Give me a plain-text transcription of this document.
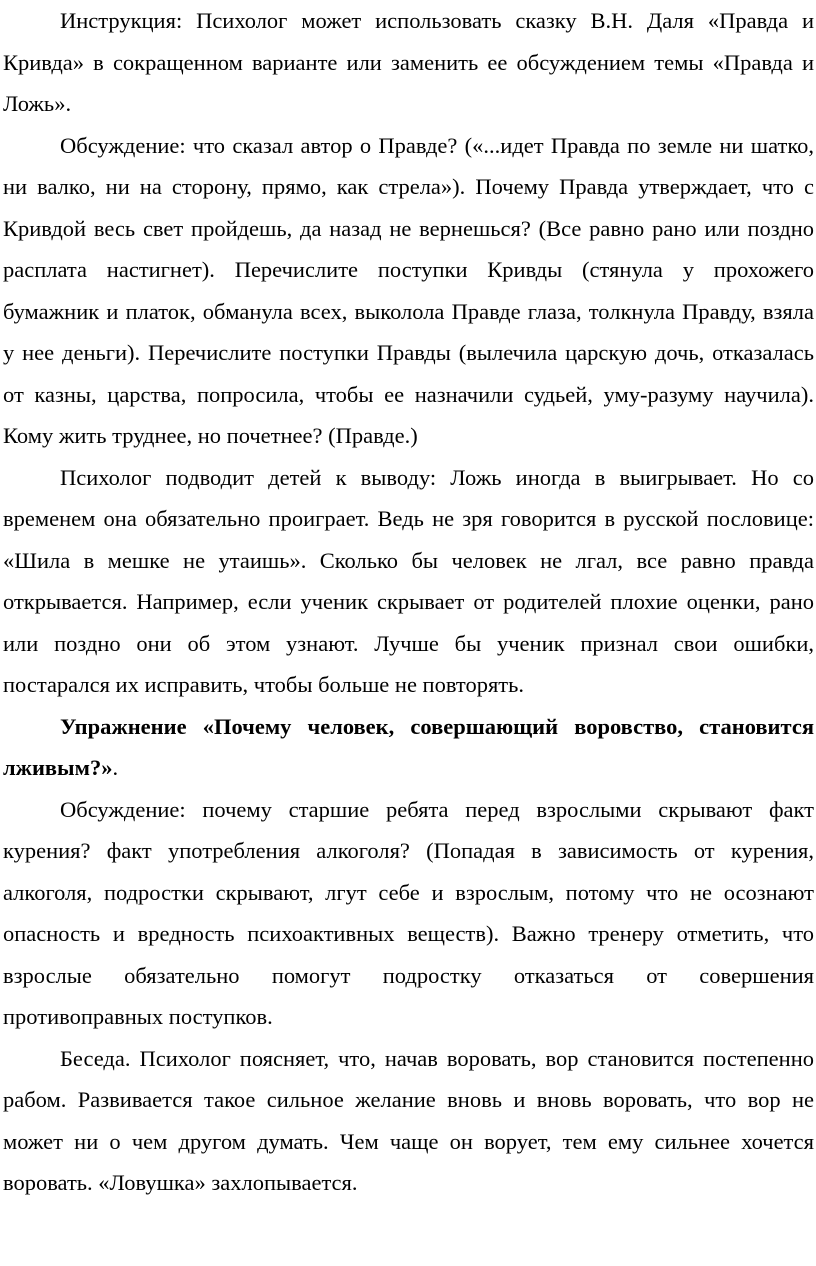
Инструкция: Психолог может использовать сказку В.Н. Даля «Правда и Кривда» в сокращенном варианте или заменить ее обсуждением темы «Правда и Ложь».

Обсуждение: что сказал автор о Правде? («...идет Правда по земле ни шатко, ни валко, ни на сторону, прямо, как стрела»). Почему Правда утверждает, что с Кривдой весь свет пройдешь, да назад не вернешься? (Все равно рано или поздно расплата настигнет). Перечислите поступки Кривды (стянула у прохожего бумажник и платок, обманула всех, выколола Правде глаза, толкнула Правду, взяла у нее деньги). Перечислите поступки Правды (вылечила царскую дочь, отказалась от казны, царства, попросила, чтобы ее назначили судьей, уму-разуму научила). Кому жить труднее, но почетнее? (Правде.)

Психолог подводит детей к выводу: Ложь иногда в выигрывает. Но со временем она обязательно проиграет. Ведь не зря говорится в русской пословице: «Шила в мешке не утаишь». Сколько бы человек не лгал, все равно правда открывается. Например, если ученик скрывает от родителей плохие оценки, рано или поздно они об этом узнают. Лучше бы ученик признал свои ошибки, постарался их исправить, чтобы больше не повторять.

Упражнение «Почему человек, совершающий воровство, становится лживым?».

Обсуждение: почему старшие ребята перед взрослыми скрывают факт курения? факт употребления алкоголя? (Попадая в зависимость от курения, алкоголя, подростки скрывают, лгут себе и взрослым, потому что не осознают опасность и вредность психоактивных веществ). Важно тренеру отметить, что взрослые обязательно помогут подростку отказаться от совершения противоправных поступков.

Беседа. Психолог поясняет, что, начав воровать, вор становится постепенно рабом. Развивается такое сильное желание вновь и вновь воровать, что вор не может ни о чем другом думать. Чем чаще он ворует, тем ему сильнее хочется воровать. «Ловушка» захлопывается.
